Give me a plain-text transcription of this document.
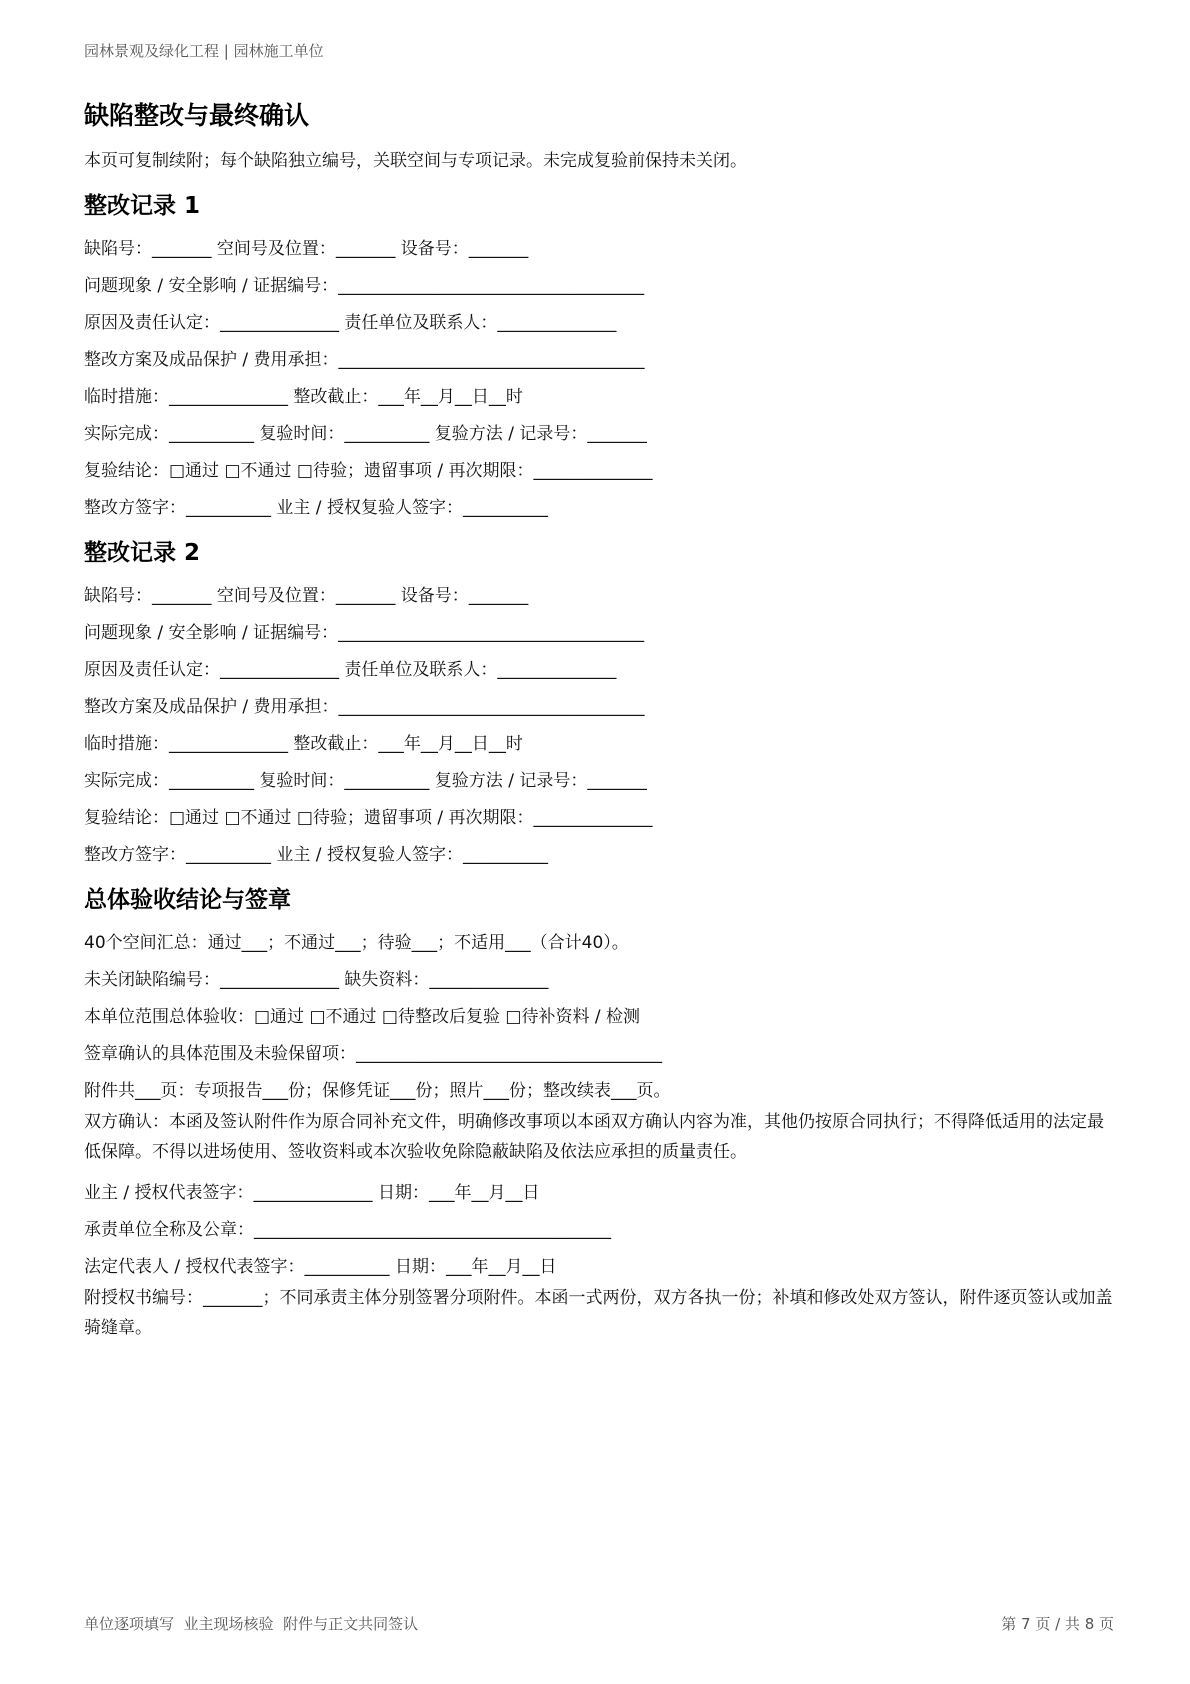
园林景观及绿化工程 | 园林施工单位
缺陷整改与最终确认
本页可复制续附；每个缺陷独立编号，关联空间与专项记录。未完成复验前保持未关闭。
整改记录 1
缺陷号：_______ 空间号及位置：_______ 设备号：_______
问题现象 / 安全影响 / 证据编号：____________________________________
原因及责任认定：______________ 责任单位及联系人：______________
整改方案及成品保护 / 费用承担：____________________________________
临时措施：______________ 整改截止：___年__月__日__时
实际完成：__________ 复验时间：__________ 复验方法 / 记录号：_______
复验结论：□通过 □不通过 □待验；遗留事项 / 再次期限：______________
整改方签字：__________ 业主 / 授权复验人签字：__________
整改记录 2
缺陷号：_______ 空间号及位置：_______ 设备号：_______
问题现象 / 安全影响 / 证据编号：____________________________________
原因及责任认定：______________ 责任单位及联系人：______________
整改方案及成品保护 / 费用承担：____________________________________
临时措施：______________ 整改截止：___年__月__日__时
实际完成：__________ 复验时间：__________ 复验方法 / 记录号：_______
复验结论：□通过 □不通过 □待验；遗留事项 / 再次期限：______________
整改方签字：__________ 业主 / 授权复验人签字：__________
总体验收结论与签章
40个空间汇总：通过___；不通过___；待验___；不适用___（合计40）。
未关闭缺陷编号：______________ 缺失资料：______________
本单位范围总体验收：□通过 □不通过 □待整改后复验 □待补资料 / 检测
签章确认的具体范围及未验保留项：____________________________________
附件共___页：专项报告___份；保修凭证___份；照片___份；整改续表___页。
双方确认：本函及签认附件作为原合同补充文件，明确修改事项以本函双方确认内容为准，其他仍按原合同执行；不得降低适用的法定最低保障。不得以进场使用、签收资料或本次验收免除隐蔽缺陷及依法应承担的质量责任。
业主 / 授权代表签字：______________ 日期：___年__月__日
承责单位全称及公章：__________________________________________
法定代表人 / 授权代表签字：__________ 日期：___年__月__日
附授权书编号：_______；不同承责主体分别签署分项附件。本函一式两份，双方各执一份；补填和修改处双方签认，附件逐页签认或加盖骑缝章。
单位逐项填写  业主现场核验  附件与正文共同签认	第 7 页 / 共 8 页
